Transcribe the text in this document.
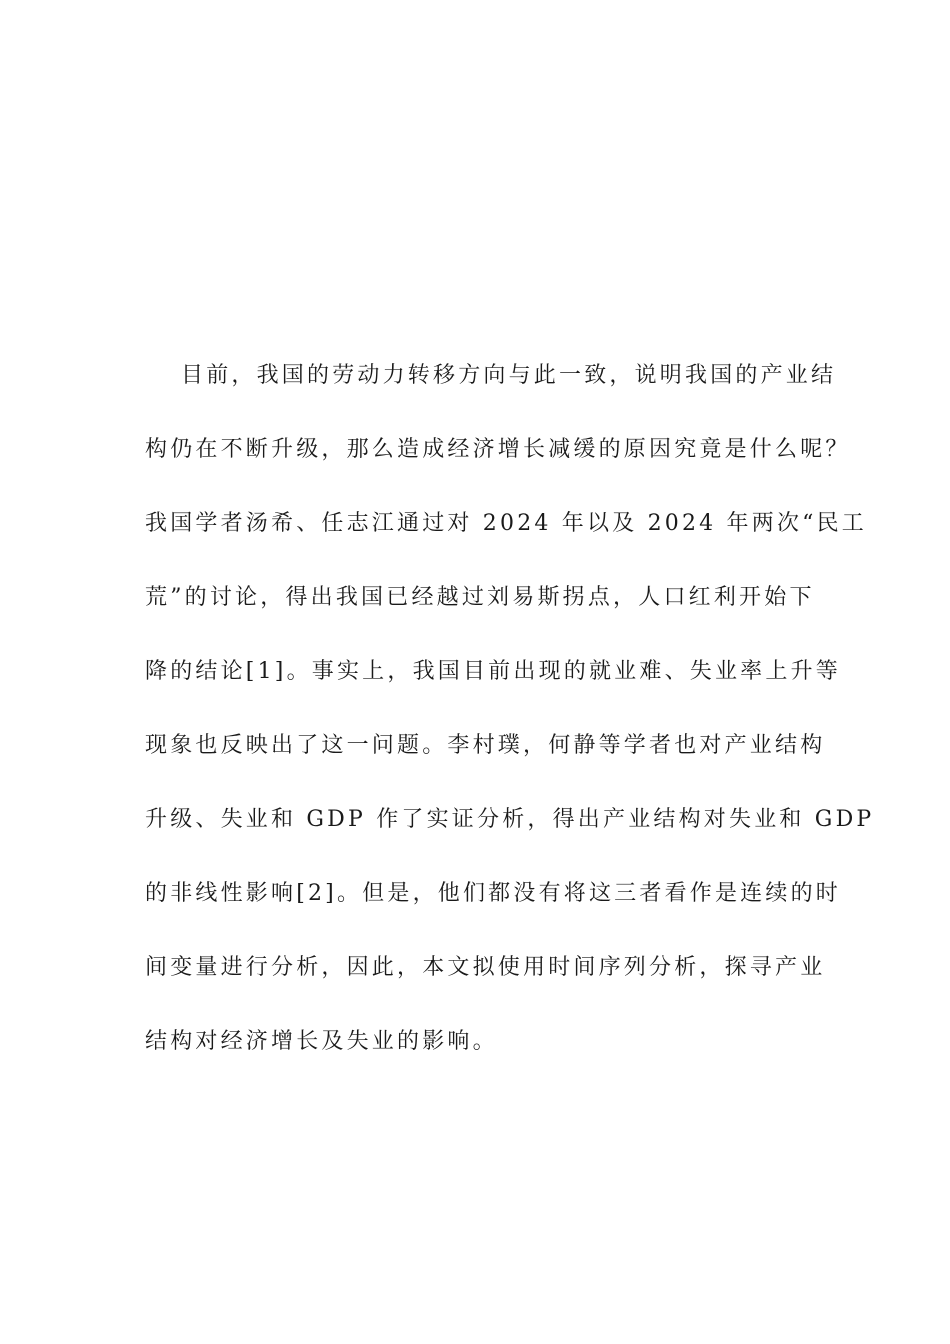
目前，我国的劳动力转移方向与此一致，说明我国的产业结
构仍在不断升级，那么造成经济增长减缓的原因究竟是什么呢？
我国学者汤希、任志江通过对 2024 年以及 2024 年两次“民工
荒”的讨论，得出我国已经越过刘易斯拐点，人口红利开始下
降的结论[1]。事实上，我国目前出现的就业难、失业率上升等
现象也反映出了这一问题。李村璞，何静等学者也对产业结构
升级、失业和 GDP 作了实证分析，得出产业结构对失业和 GDP
的非线性影响[2]。但是，他们都没有将这三者看作是连续的时
间变量进行分析，因此，本文拟使用时间序列分析，探寻产业
结构对经济增长及失业的影响。
